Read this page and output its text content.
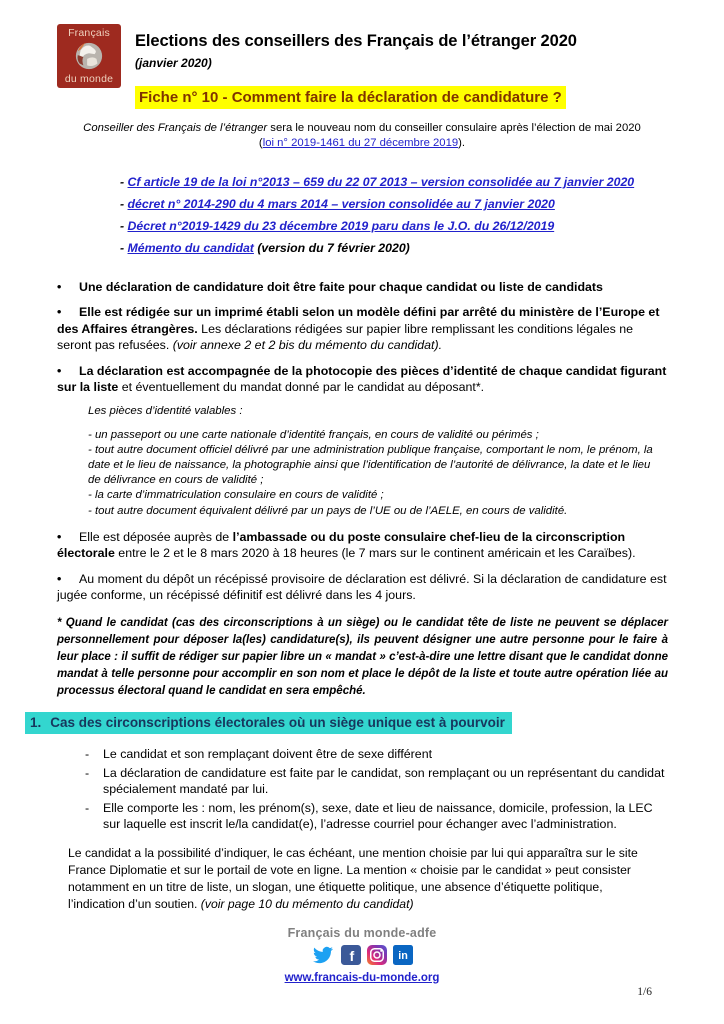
Français
du monde
Elections des conseillers des Français de l’étranger 2020
(janvier 2020)
Fiche n° 10 - Comment faire la déclaration de candidature ?
Conseiller des Français de l’étranger sera le nouveau nom du conseiller consulaire après l’élection de mai 2020
(loi n° 2019-1461 du 27 décembre 2019).
- Cf article 19 de la loi n°2013 – 659 du 22 07 2013 – version consolidée au 7 janvier 2020
- décret n° 2014-290 du 4 mars 2014 – version consolidée au 7 janvier 2020
- Décret n°2019-1429 du 23 décembre 2019 paru dans le J.O. du 26/12/2019
- Mémento du candidat (version du 7 février 2020)

• Une déclaration de candidature doit être faite pour chaque candidat ou liste de candidats

• Elle est rédigée sur un imprimé établi selon un modèle défini par arrêté du ministère de l’Europe et des Affaires étrangères. Les déclarations rédigées sur papier libre remplissant les conditions légales ne seront pas refusées. (voir annexe 2 et 2 bis du mémento du candidat).

• La déclaration est accompagnée de la photocopie des pièces d’identité de chaque candidat figurant sur la liste et éventuellement du mandat donné par le candidat au déposant*.

Les pièces d’identité valables :
- un passeport ou une carte nationale d’identité français, en cours de validité ou périmés ;
- tout autre document officiel délivré par une administration publique française, comportant le nom, le prénom, la date et le lieu de naissance, la photographie ainsi que l’identification de l’autorité de délivrance, la date et le lieu de délivrance en cours de validité ;
- la carte d’immatriculation consulaire en cours de validité ;
- tout autre document équivalent délivré par un pays de l’UE ou de l’AELE, en cours de validité.

• Elle est déposée auprès de l’ambassade ou du poste consulaire chef-lieu de la circonscription électorale entre le 2 et le 8 mars 2020 à 18 heures (le 7 mars sur le continent américain et les Caraïbes).

• Au moment du dépôt un récépissé provisoire de déclaration est délivré. Si la déclaration de candidature est jugée conforme, un récépissé définitif est délivré dans les 4 jours.

* Quand le candidat (cas des circonscriptions à un siège) ou le candidat tête de liste ne peuvent se déplacer personnellement pour déposer la(les) candidature(s), ils peuvent désigner une autre personne pour le faire à leur place : il suffit de rédiger sur papier libre un « mandat » c’est-à-dire une lettre disant que le candidat donne mandat à telle personne pour accomplir en son nom et place le dépôt de la liste et toute autre opération liée au processus électoral quand le candidat en sera empêché.

1. Cas des circonscriptions électorales où un siège unique est à pourvoir
-	Le candidat et son remplaçant doivent être de sexe différent
-	La déclaration de candidature est faite par le candidat, son remplaçant ou un représentant du candidat spécialement mandaté par lui.
-	Elle comporte les : nom, les prénom(s), sexe, date et lieu de naissance, domicile, profession, la LEC sur laquelle est inscrit le/la candidat(e), l’adresse courriel pour échanger avec l’administration.

Le candidat a la possibilité d’indiquer, le cas échéant, une mention choisie par lui qui apparaîtra sur le site France Diplomatie et sur le portail de vote en ligne. La mention « choisie par le candidat » peut consister notamment en un titre de liste, un slogan, une étiquette politique, une absence d’étiquette politique, l’indication d’un soutien. (voir page 10 du mémento du candidat)

Français du monde-adfe
f	in
www.francais-du-monde.org
1/6
